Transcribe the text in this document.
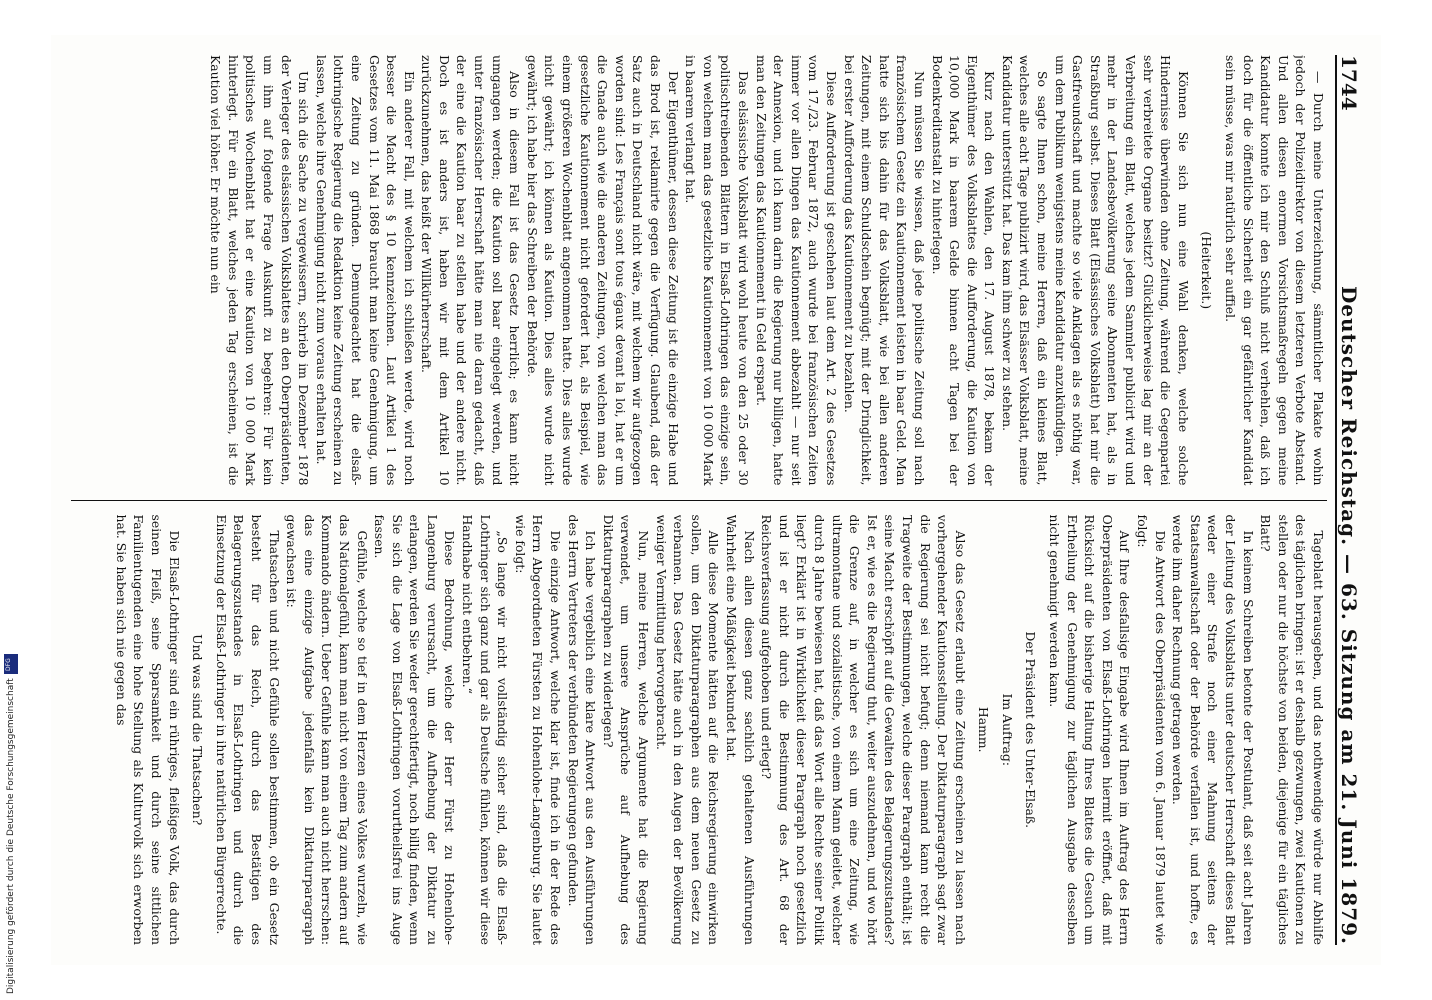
1744
Deutscher Reichstag. — 63. Sitzung am 21. Juni 1879.

— Durch meine Unterzeichnung, sämmtlicher Plakate wohin jedoch der Polizeidirektor von diesem letzteren Verbote Abstand. Und allen diesen enormen Vorsichtsmaßregeln gegen meine Kandidatur konnte ich mir den Schluß nicht verhehlen, daß ich doch für die öffentliche Sicherheit ein gar gefährlicher Kandidat sein müsse, was mir natürlich sehr auffiel.

(Heiterkeit.)

Können Sie sich nun eine Wahl denken, welche solche Hindernisse überwinden ohne Zeitung, während die Gegenpartei sehr verbreitete Organe besitzt? Glücklicherweise lag mir an der Verbreitung ein Blatt, welches jedem Sammler publicirt wird und mehr in der Landesbevölkerung seine Abonnenten hat, als in Straßburg selbst. Dieses Blatt (Elsässisches Volksblatt) hat mir die Gastfreundschaft und machte so viele Anklagen als es nöthig war, um dem Publikum wenigstens meine Kandidatur anzukündigen.

So sagte Ihnen schon, meine Herren, daß ein kleines Blatt, welches alle acht Tage publizirt wird, das Elsässer Volksblatt, meine Kandidatur unterstützt hat. Das kam ihm schwer zu stehen.

Kurz nach den Wahlen, den 17. August 1878, bekam der Eigenthümer des Volksblattes die Aufforderung, die Kaution von 10,000 Mark in baarem Gelde binnen acht Tagen bei der Bodenkreditanstalt zu hinterlegen.

Nun müssen Sie wissen, daß jede politische Zeitung soll nach französischem Gesetz ein Kautionnement leisten in baar Geld. Man hatte sich bis dahin für das Volksblatt, wie bei allen anderen Zeitungen, mit einem Schuldschein begnügt; mit der Dringlichkeit, bei erster Aufforderung das Kautionnement zu bezahlen.

Diese Aufforderung ist geschehen laut dem Art. 2 des Gesetzes vom 17./23. Februar 1872, auch wurde bei französischen Zeiten immer vor allen Dingen das Kautionnement abbezahlt — nur seit der Annexion, und ich kann darin die Regierung nur billigen, hatte man den Zeitungen das Kautionnement in Geld erspart.

Das elsässische Volksblatt wird wohl heute von den 25 oder 30 politischtreibenden Blättern in Elsaß-Lothringen das einzige sein, von welchem man das gesetzliche Kautionnement von 10 000 Mark in baarem verlangt hat.

Der Eigenthümer, dessen diese Zeitung ist die einzige Habe und das Brod ist, reklamirte gegen die Verfügung. Glaubend, daß der Satz auch in Deutschland nicht wäre, mit welchem wir aufgezogen worden sind: Les Français sont tous égaux devant la loi, hat er um die Gnade auch wie die anderen Zeitungen, von welchen man das gesetzliche Kautionnement nicht gefordert hat, als Beispiel, wie einem größeren Wochenblatt angenommen hatte. Dies alles wurde nicht gewährt; ich können als Kaution. Dies alles wurde nicht gewährt; ich habe hier das Schreiben der Behörde.

Also in diesem Fall ist das Gesetz herrlich; es kann nicht umgangen werden; die Kaution soll baar eingelegt werden, und unter französischer Herrschaft hätte man nie daran gedacht, daß der eine die Kaution baar zu stellen habe und der andere nicht. Doch es ist anders ist, haben wir mit dem Artikel 10 zurückzunehmen, das heißt der Willkürherrschaft.

Ein anderer Fall, mit welchem ich schließen werde, wird noch besser die Macht des § 10 kennzeichnen. Laut Artikel 1 des Gesetzes vom 11. Mai 1868 braucht man keine Genehmigung, um eine Zeitung zu gründen. Demungeachtet hat die elsaß-lothringische Regierung die Redaktion keine Zeitung erscheinen zu lassen, welche ihre Genehmigung nicht zum voraus erhalten hat.

Um sich die Sache zu vergewissern, schrieb im Dezember 1878 der Verleger des elsässischen Volksblattes an den Oberpräsidenten, um ihm auf folgende Frage Auskunft zu begehren: Für kein politisches Wochenblatt hat er eine Kaution von 10 000 Mark hinterlegt. Für ein Blatt, welches jeden Tag erscheinen, ist die Kaution viel höher. Er möchte nun ein

Tageblatt herausgeben, und das nothwendige würde nur Abhilfe des täglichen bringen: ist er deshalb gezwungen, zwei Kautionen zu stellen oder nur die höchste von beiden, diejenige für ein tägliches Blatt?

In keinem Schreiben betonte der Postulant, daß seit acht Jahren der Leitung des Volksblatts unter deutscher Herrschaft dieses Blatt weder einer Strafe noch einer Mahnung seitens der Staatsanwaltschaft oder der Behörde verfallen ist, und hoffte, es werde ihm daher Rechnung getragen werden.

Die Antwort des Oberpräsidenten vom 6. Januar 1879 lautet wie folgt:

Auf Ihre desfallsige Eingabe wird Ihnen im Auftrag des Herrn Oberpräsidenten von Elsaß-Lothringen hiermit eröffnet, daß mit Rücksicht auf die bisherige Haltung Ihres Blattes die Gesuch um Ertheilung der Genehmigung zur täglichen Ausgabe desselben nicht genehmigt werden kann.

Der Präsident des Unter-Elsaß.

Im Auftrag:

Hamm.

Also das Gesetz erlaubt eine Zeitung erscheinen zu lassen nach vorhergehender Kautionsstellung. Der Diktaturparagraph sagt zwar die Regierung sei nicht befugt; denn niemand kann recht die Tragweite der Bestimmungen, welche dieser Paragraph enthält; ist seine Macht erschöpft auf die Gewalten des Belagerungszustandes? Ist er, wie es die Regierung thut, weiter auszudehnen, und wo hört die Grenze auf, in welcher es sich um eine Zeitung, wie ultramontane und sozialistische, von einem Mann geleitet, welcher durch 8 Jahre bewiesen hat, daß das Wort alle Rechte seiner Politik liegt? Erklärt ist in Wirklichkeit dieser Paragraph noch gesetzlich und ist er nicht durch die Bestimmung des Art. 68 der Reichsverfassung aufgehoben und erlegt?

Nach allen diesen ganz sachlich gehaltenen Ausführungen Wahrheit eine Mäßigkeit bekundet hat.

Alle diese Momente hätten auf die Reichsregierung einwirken sollen, um den Diktaturparagraphen aus dem neuen Gesetz zu verbannen. Das Gesetz hätte auch in den Augen der Bevölkerung weniger Vermittlung hervorgebracht.

Nun, meine Herren, welche Argumente hat die Regierung verwendet, um unsere Ansprüche auf Aufhebung des Diktaturparagraphen zu widerlegen?

Ich habe vergeblich eine klare Antwort aus den Ausführungen des Herrn Vertreters der verbündeten Regierungen gefunden.

Die einzige Antwort, welche klar ist, finde ich in der Rede des Herrn Abgeordneten Fürsten zu Hohenlohe-Langenburg. Sie lautet wie folgt:

„So lange wir nicht vollständig sicher sind, daß die Elsaß-Lothringer sich ganz und gar als Deutsche fühlen, können wir diese Handhabe nicht entbehren.“

Diese Bedrohung, welche der Herr Fürst zu Hohenlohe-Langenburg verursacht, um die Aufhebung der Diktatur zu erlangen, werden Sie weder gerechtfertigt, noch billig finden, wenn Sie sich die Lage von Elsaß-Lothringen vorurtheilsfrei ins Auge fassen.

Gefühle, welche so tief in dem Herzen eines Volkes wurzeln, wie das Nationalgefühl, kann man nicht von einem Tag zum andern auf Kommando ändern. Ueber Gefühle kann man auch nicht herrschen: das eine einzige Aufgabe jedenfalls kein Diktaturparagraph gewachsen ist:

Thatsachen und nicht Gefühle sollen bestimmen, ob ein Gesetz besteht für das Reich, durch das Bestätigen des Belagerungszustandes in Elsaß-Lothringen und durch die Einsetzung der Elsaß-Lothringer in ihre natürlichen Bürgerrechte.

Und was sind die Thatsachen?

Die Elsaß-Lothringer sind ein rühriges, fleißiges Volk, das durch seinen Fleiß, seine Sparsamkeit und durch seine sittlichen Familientugenden eine hohe Stellung als Kulturvolk sich erworben hat. Sie haben sich nie gegen das

Digitalisierung gefördert durch die Deutsche Forschungsgemeinschaft
DFG
